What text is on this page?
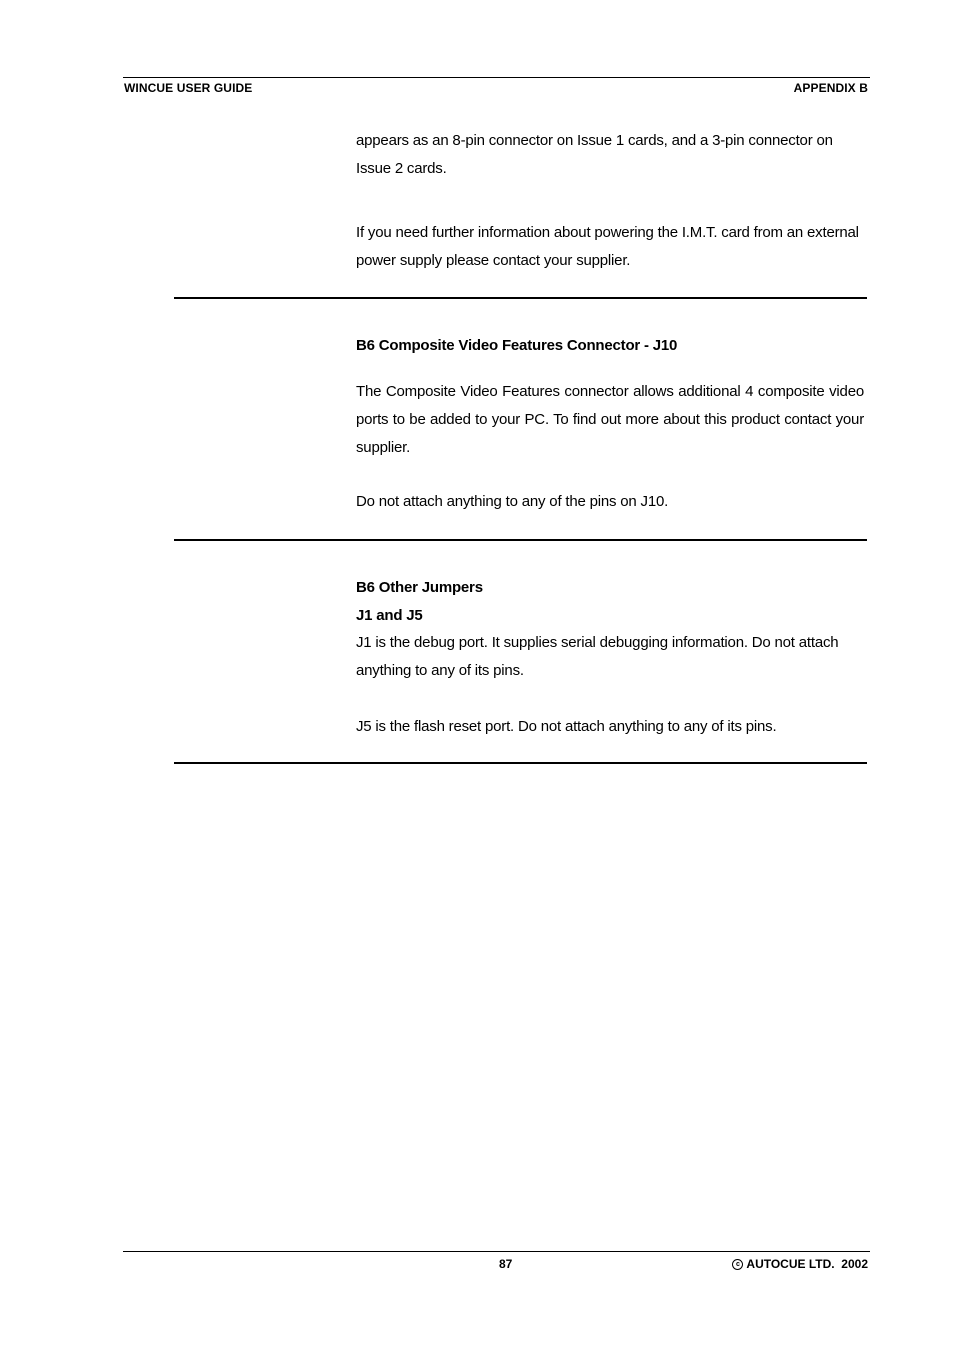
WINCUE USER GUIDE	APPENDIX B
appears as an 8-pin connector on Issue 1 cards, and a 3-pin connector on Issue 2 cards.
If you need further information about powering the I.M.T. card from an external power supply please contact your supplier.
B6 Composite Video Features Connector - J10
The Composite Video Features connector allows additional 4 composite video ports to be added to your PC. To find out more about this product contact your supplier.
Do not attach anything to any of the pins on J10.
B6 Other Jumpers
J1 and J5
J1 is the debug port. It supplies serial debugging information. Do not attach anything to any of its pins.
J5 is the flash reset port. Do not attach anything to any of its pins.
87	c AUTOCUE LTD.  2002
